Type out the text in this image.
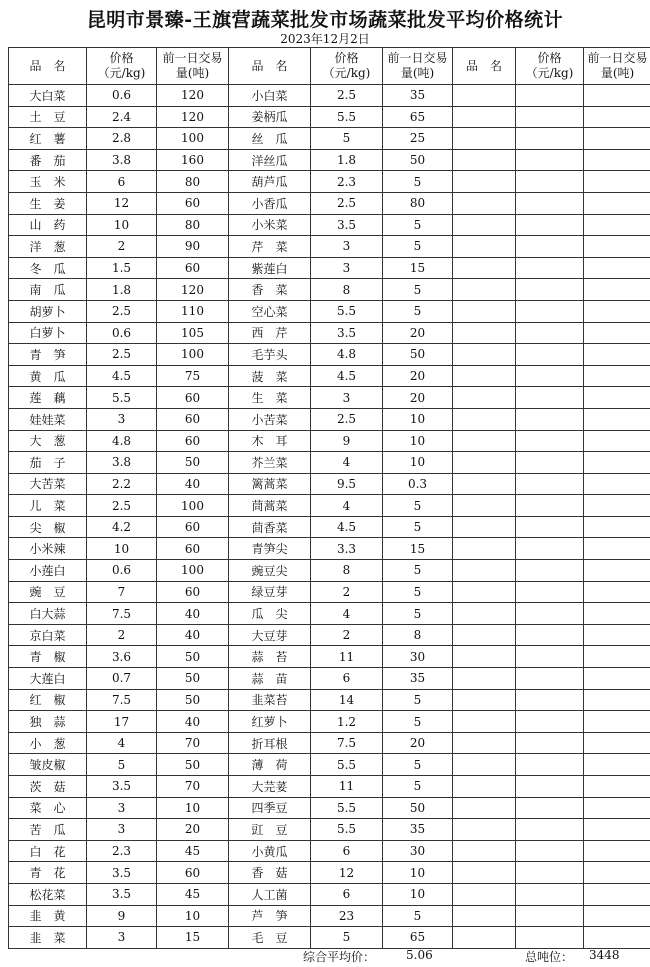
昆明市景臻-王旗营蔬菜批发市场蔬菜批发平均价格统计
2023年12月2日
品　名	价格（元/kg)	前一日交易量(吨)	品　名	价格（元/kg)	前一日交易量(吨)	品　名	价格（元/kg)	前一日交易量(吨)
大白菜	0.6	120	小白菜	2.5	35			
土　豆	2.4	120	姜柄瓜	5.5	65			
红　薯	2.8	100	丝　瓜	5	25			
番　茄	3.8	160	洋丝瓜	1.8	50			
玉　米	6	80	葫芦瓜	2.3	5			
生　姜	12	60	小香瓜	2.5	80			
山　药	10	80	小米菜	3.5	5			
洋　葱	2	90	芹　菜	3	5			
冬　瓜	1.5	60	紫莲白	3	15			
南　瓜	1.8	120	香　菜	8	5			
胡萝卜	2.5	110	空心菜	5.5	5			
白萝卜	0.6	105	西　芹	3.5	20			
青　笋	2.5	100	毛芋头	4.8	50			
黄　瓜	4.5	75	菠　菜	4.5	20			
莲　藕	5.5	60	生　菜	3	20			
娃娃菜	3	60	小苦菜	2.5	10			
大　葱	4.8	60	木　耳	9	10			
茄　子	3.8	50	芥兰菜	4	10			
大苦菜	2.2	40	篱蒿菜	9.5	0.3			
儿　菜	2.5	100	茼蒿菜	4	5			
尖　椒	4.2	60	茴香菜	4.5	5			
小米辣	10	60	青笋尖	3.3	15			
小莲白	0.6	100	豌豆尖	8	5			
豌　豆	7	60	绿豆芽	2	5			
白大蒜	7.5	40	瓜　尖	4	5			
京白菜	2	40	大豆芽	2	8			
青　椒	3.6	50	蒜　苔	11	30			
大莲白	0.7	50	蒜　苗	6	35			
红　椒	7.5	50	韭菜苔	14	5			
独　蒜	17	40	红萝卜	1.2	5			
小　葱	4	70	折耳根	7.5	20			
皱皮椒	5	50	薄　荷	5.5	5			
茨　菇	3.5	70	大芫荽	11	5			
菜　心	3	10	四季豆	5.5	50			
苦　瓜	3	20	豇　豆	5.5	35			
白　花	2.3	45	小黄瓜	6	30			
青　花	3.5	60	香　菇	12	10			
松花菜	3.5	45	人工菌	6	10			
韭　黄	9	10	芦　笋	23	5			
韭　菜	3	15	毛　豆	5	65			
综合平均价：	5.06	总吨位： 3448
